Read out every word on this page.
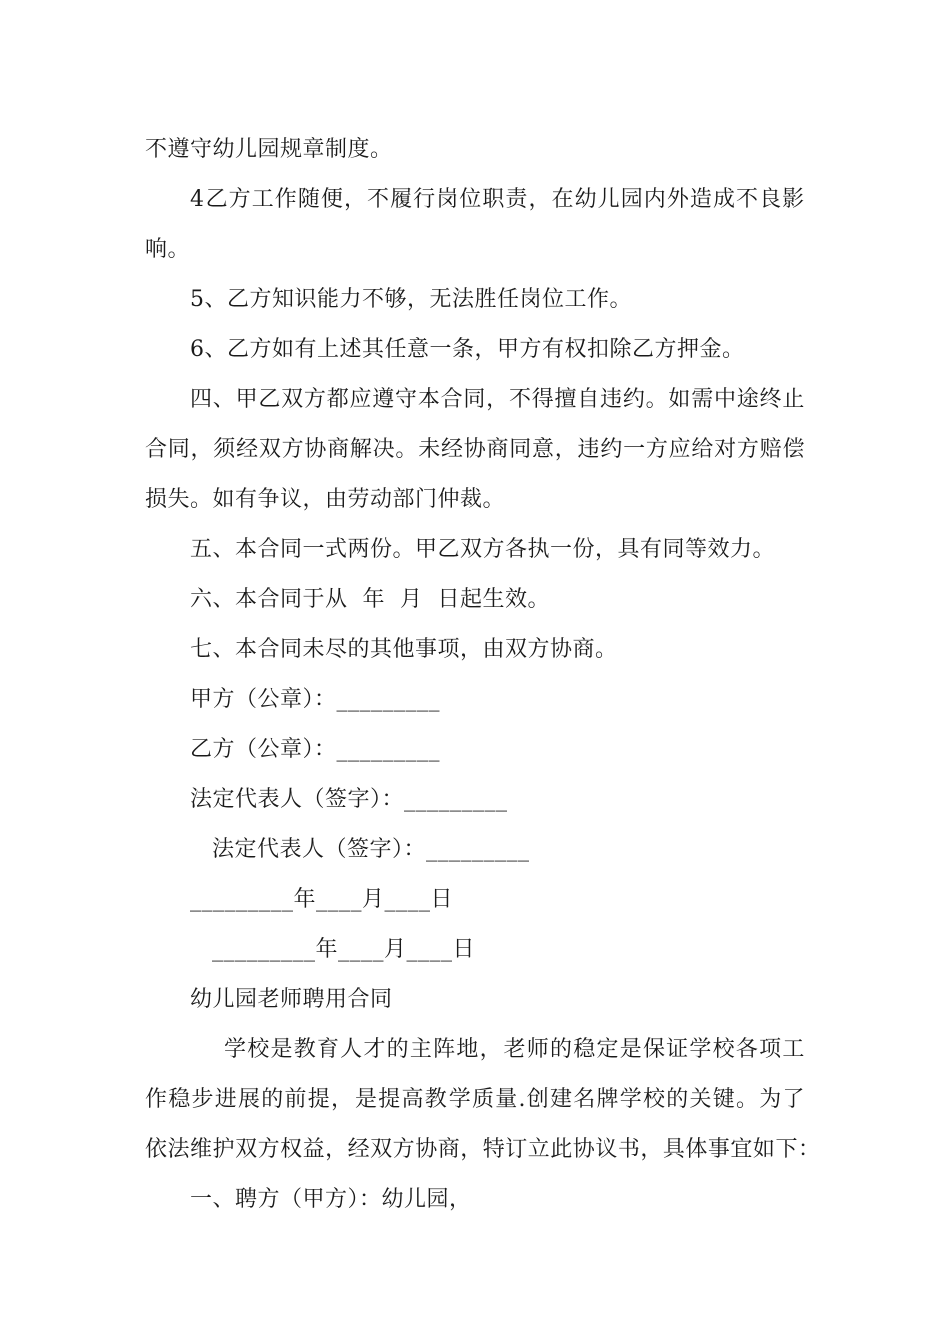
不遵守幼儿园规章制度。
4 乙 方 工 作 随 便 ， 不 履 行 岗 位 职 责 ， 在 幼 儿 园 内 外 造 成 不 良 影
响。
5、乙方知识能力不够，无法胜任岗位工作。
6、乙方如有上述其任意一条，甲方有权扣除乙方押金。
四 、 甲 乙 双 方 都 应 遵 守 本 合 同 ， 不 得 擅 自 违 约 。 如 需 中 途 终 止
合 同 ， 须 经 双 方 协 商 解 决 。 未 经 协 商 同 意 ， 违 约 一 方 应 给 对 方 赔 偿
损失。如有争议，由劳动部门仲裁。
五、本合同一式两份。甲乙双方各执一份，具有同等效力。
六、本合同于从  年  月  日起生效。
七、本合同未尽的其他事项，由双方协商。
甲方（公章）：_________
乙方（公章）：_________
法定代表人（签字）：_________
法定代表人（签字）：_________
_________年____月____日
_________年____月____日
幼儿园老师聘用合同
学 校 是 教 育 人 才 的 主 阵 地 ， 老 师 的 稳 定 是 保 证 学 校 各 项 工
作 稳 步 进 展 的 前 提 ， 是 提 高 教 学 质 量 . 创 建 名 牌 学 校 的 关 键 。 为 了
依 法 维 护 双 方 权 益 ， 经 双 方 协 商 ， 特 订 立 此 协 议 书 ， 具 体 事 宜 如 下 ：
一、聘方（甲方）：幼儿园，
